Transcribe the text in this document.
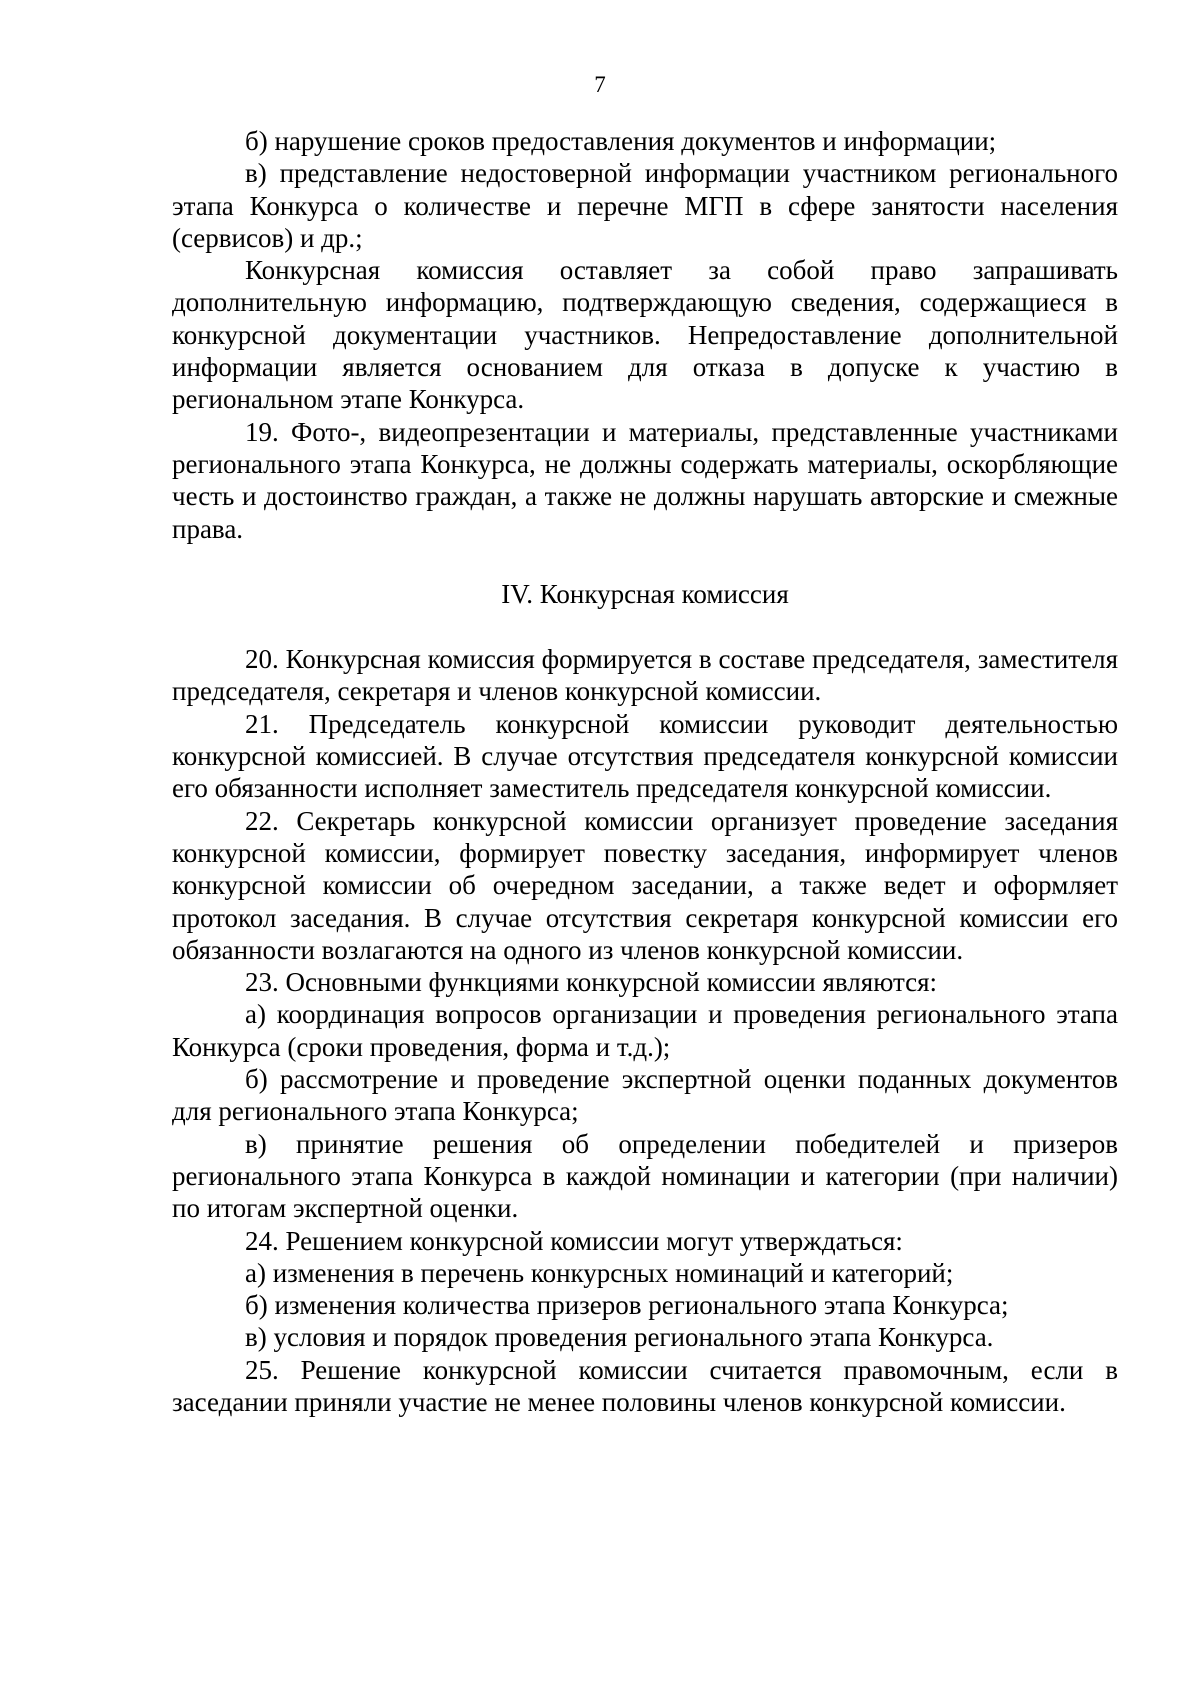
7

б) нарушение сроков предоставления документов и информации;

в) представление недостоверной информации участником регионального этапа Конкурса о количестве и перечне МГП в сфере занятости населения (сервисов) и др.;

Конкурсная комиссия оставляет за собой право запрашивать дополнительную информацию, подтверждающую сведения, содержащиеся в конкурсной документации участников. Непредоставление дополнительной информации является основанием для отказа в допуске к участию в региональном этапе Конкурса.

19. Фото-, видеопрезентации и материалы, представленные участниками регионального этапа Конкурса, не должны содержать материалы, оскорбляющие честь и достоинство граждан, а также не должны нарушать авторские и смежные права.

IV. Конкурсная комиссия

20. Конкурсная комиссия формируется в составе председателя, заместителя председателя, секретаря и членов конкурсной комиссии.

21. Председатель конкурсной комиссии руководит деятельностью конкурсной комиссией. В случае отсутствия председателя конкурсной комиссии его обязанности исполняет заместитель председателя конкурсной комиссии.

22. Секретарь конкурсной комиссии организует проведение заседания конкурсной комиссии, формирует повестку заседания, информирует членов конкурсной комиссии об очередном заседании, а также ведет и оформляет протокол заседания. В случае отсутствия секретаря конкурсной комиссии его обязанности возлагаются на одного из членов конкурсной комиссии.

23. Основными функциями конкурсной комиссии являются:

а) координация вопросов организации и проведения регионального этапа Конкурса (сроки проведения, форма и т.д.);

б) рассмотрение и проведение экспертной оценки поданных документов для регионального этапа Конкурса;

в) принятие решения об определении победителей и призеров регионального этапа Конкурса в каждой номинации и категории (при наличии) по итогам экспертной оценки.

24. Решением конкурсной комиссии могут утверждаться:

а) изменения в перечень конкурсных номинаций и категорий;

б) изменения количества призеров регионального этапа Конкурса;

в) условия и порядок проведения регионального этапа Конкурса.

25. Решение конкурсной комиссии считается правомочным, если в заседании приняли участие не менее половины членов конкурсной комиссии.
